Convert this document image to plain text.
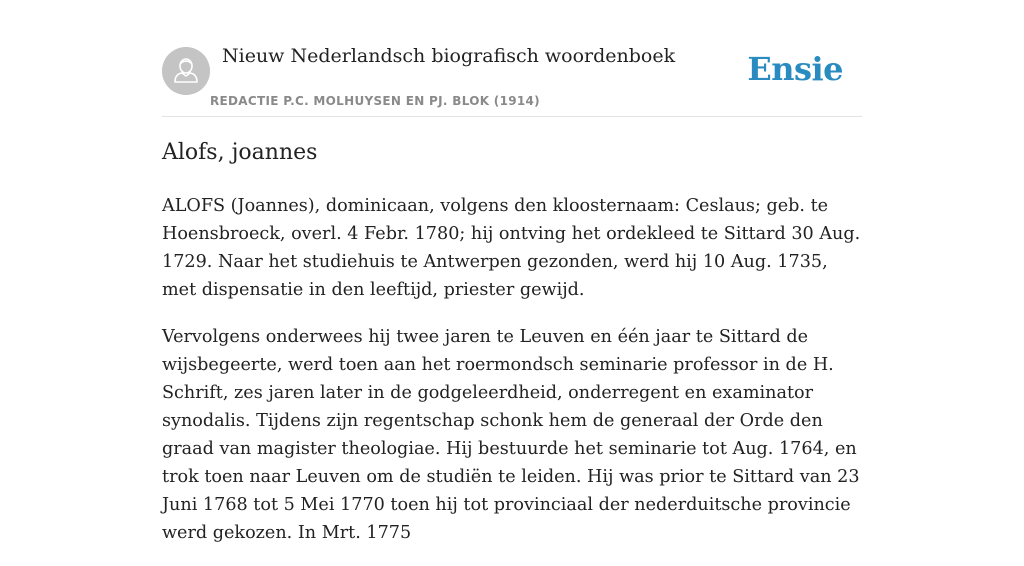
Nieuw Nederlandsch biografisch woordenboek
REDACTIE P.C. MOLHUYSEN EN PJ. BLOK (1914)
Ensie
Alofs, joannes

ALOFS (Joannes), dominicaan, volgens den kloosternaam: Ceslaus; geb. te Hoensbroeck, overl. 4 Febr. 1780; hij ontving het ordekleed te Sittard 30 Aug. 1729. Naar het studiehuis te Antwerpen gezonden, werd hij 10 Aug. 1735, met dispensatie in den leeftijd, priester gewijd.

Vervolgens onderwees hij twee jaren te Leuven en één jaar te Sittard de wijsbegeerte, werd toen aan het roermondsch seminarie professor in de H. Schrift, zes jaren later in de godgeleerdheid, onderregent en examinator synodalis. Tijdens zijn regentschap schonk hem de generaal der Orde den graad van magister theologiae. Hij bestuurde het seminarie tot Aug. 1764, en trok toen naar Leuven om de studiën te leiden. Hij was prior te Sittard van 23 Juni 1768 tot 5 Mei 1770 toen hij tot provinciaal der nederduitsche provincie werd gekozen. In Mrt. 1775
